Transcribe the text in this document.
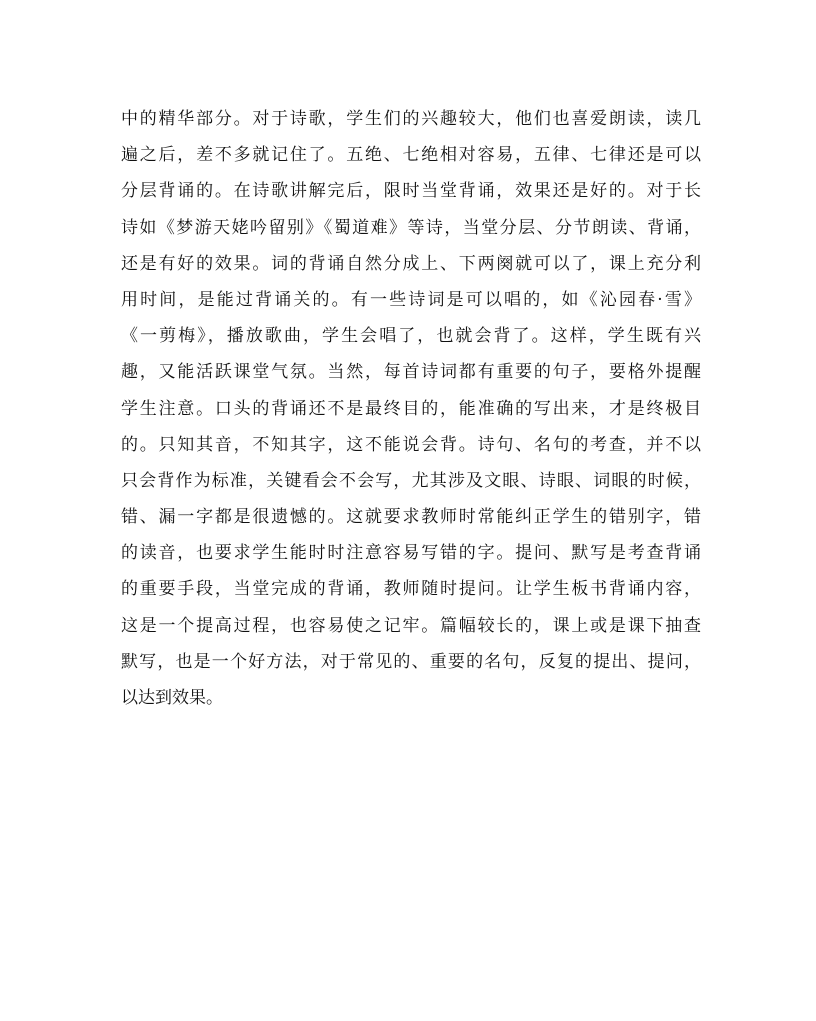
中的精华部分。对于诗歌，学生们的兴趣较大，他们也喜爱朗读，读几
遍之后，差不多就记住了。五绝、七绝相对容易，五律、七律还是可以
分层背诵的。在诗歌讲解完后，限时当堂背诵，效果还是好的。对于长
诗如《梦游天姥吟留别》《蜀道难》等诗，当堂分层、分节朗读、背诵，
还是有好的效果。词的背诵自然分成上、下两阕就可以了，课上充分利
用时间，是能过背诵关的。有一些诗词是可以唱的，如《沁园春·雪》
《一剪梅》，播放歌曲，学生会唱了，也就会背了。这样，学生既有兴
趣，又能活跃课堂气氛。当然，每首诗词都有重要的句子，要格外提醒
学生注意。口头的背诵还不是最终目的，能准确的写出来，才是终极目
的。只知其音，不知其字，这不能说会背。诗句、名句的考查，并不以
只会背作为标准，关键看会不会写，尤其涉及文眼、诗眼、词眼的时候，
错、漏一字都是很遗憾的。这就要求教师时常能纠正学生的错别字，错
的读音，也要求学生能时时注意容易写错的字。提问、默写是考查背诵
的重要手段，当堂完成的背诵，教师随时提问。让学生板书背诵内容，
这是一个提高过程，也容易使之记牢。篇幅较长的，课上或是课下抽查
默写，也是一个好方法，对于常见的、重要的名句，反复的提出、提问，
以达到效果。
